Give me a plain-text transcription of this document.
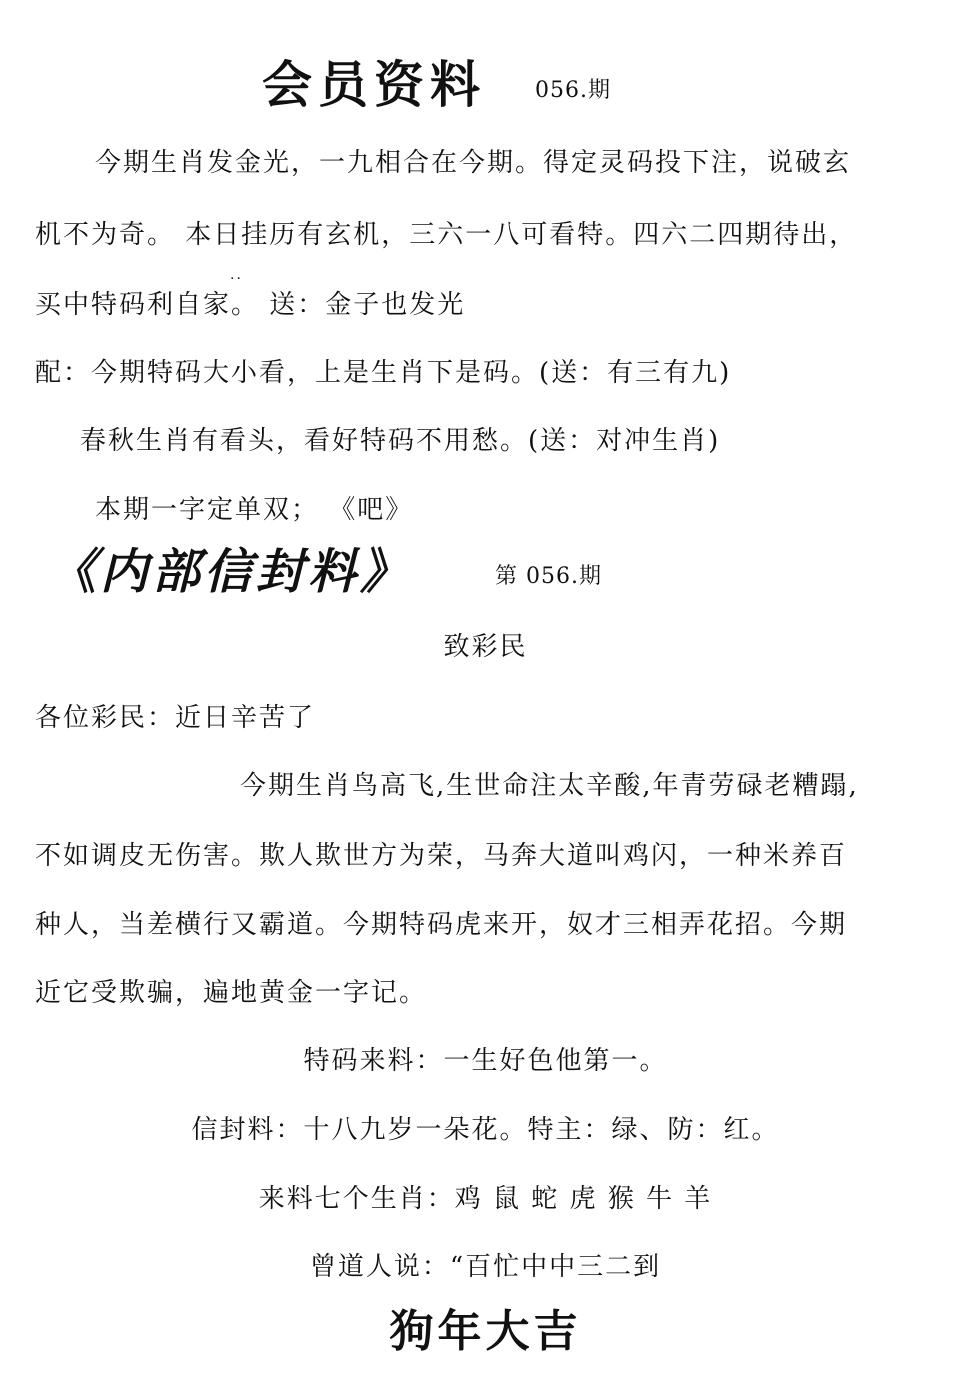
会员资料 056.期
今期生肖发金光，一九相合在今期。得定灵码投下注，说破玄
机不为奇。 本日挂历有玄机，三六一八可看特。四六二四期待出，
..
买中特码利自家。 送：金子也发光
配：今期特码大小看，上是生肖下是码。(送：有三有九)
春秋生肖有看头，看好特码不用愁。(送：对冲生肖)
本期一字定单双； 《吧》
《内部信封料》	第 056.期
致彩民
各位彩民：近日辛苦了
今期生肖鸟高飞,生世命注太辛酸,年青劳碌老糟蹋,
不如调皮无伤害。欺人欺世方为荣，马奔大道叫鸡闪，一种米养百
种人，当差横行又霸道。今期特码虎来开，奴才三相弄花招。今期
近它受欺骗，遍地黄金一字记。
特码来料：一生好色他第一。
信封料：十八九岁一朵花。特主：绿、防：红。
来料七个生肖：鸡 鼠 蛇 虎 猴 牛 羊
曾道人说：“百忙中中三二到
狗年大吉
